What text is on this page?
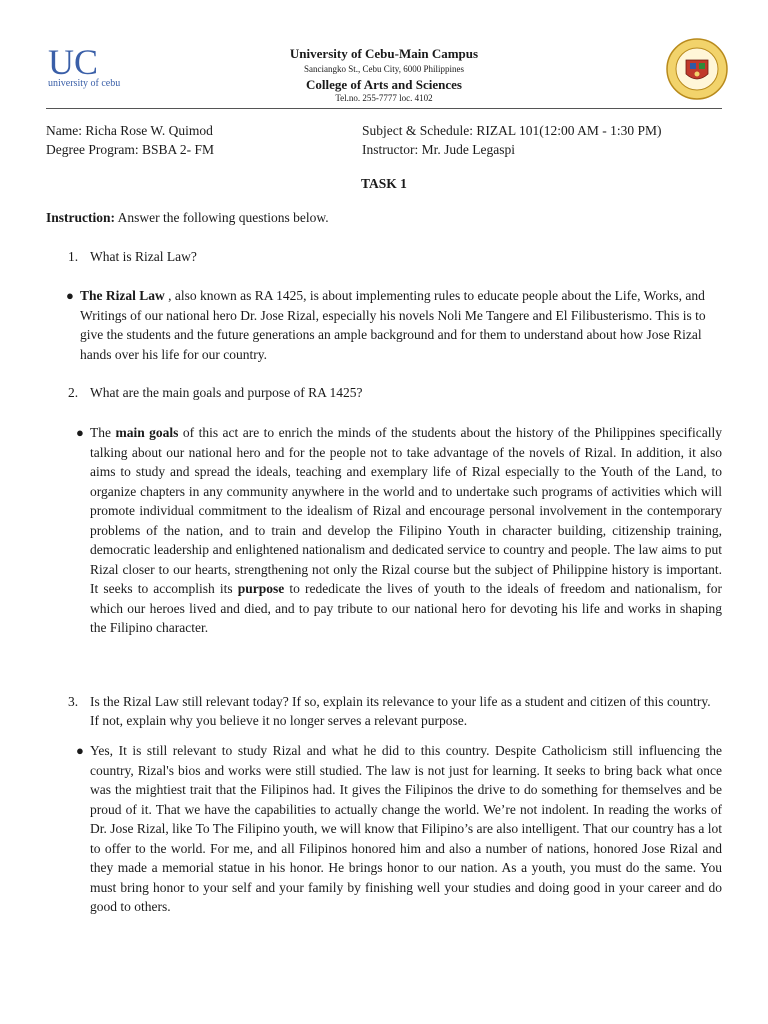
UC
university of cebu
University of Cebu-Main Campus
Sanciangko St., Cebu City, 6000 Philippines
College of Arts and Sciences
Tel.no. 255-7777 loc. 4102
Name: Richa Rose W. Quimod
Degree Program: BSBA 2- FM
Subject & Schedule: RIZAL 101(12:00 AM - 1:30 PM)
Instructor: Mr. Jude Legaspi
TASK 1
Instruction: Answer the following questions below.
1. What is Rizal Law?
● The Rizal Law , also known as RA 1425, is about implementing rules to educate people about the Life, Works, and Writings of our national hero Dr. Jose Rizal, especially his novels Noli Me Tangere and El Filibusterismo. This is to give the students and the future generations an ample background and for them to understand about how Jose Rizal hands over his life for our country.
2. What are the main goals and purpose of RA 1425?
● The main goals of this act are to enrich the minds of the students about the history of the Philippines specifically talking about our national hero and for the people not to take advantage of the novels of Rizal. In addition, it also aims to study and spread the ideals, teaching and exemplary life of Rizal especially to the Youth of the Land, to organize chapters in any community anywhere in the world and to undertake such programs of activities which will promote individual commitment to the idealism of Rizal and encourage personal involvement in the contemporary problems of the nation, and to train and develop the Filipino Youth in character building, citizenship training, democratic leadership and enlightened nationalism and dedicated service to country and people. The law aims to put Rizal closer to our hearts, strengthening not only the Rizal course but the subject of Philippine history is important. It seeks to accomplish its purpose to rededicate the lives of youth to the ideals of freedom and nationalism, for which our heroes lived and died, and to pay tribute to our national hero for devoting his life and works in shaping the Filipino character.
3. Is the Rizal Law still relevant today? If so, explain its relevance to your life as a student and citizen of this country. If not, explain why you believe it no longer serves a relevant purpose.
● Yes, It is still relevant to study Rizal and what he did to this country. Despite Catholicism still influencing the country, Rizal's bios and works were still studied. The law is not just for learning. It seeks to bring back what once was the mightiest trait that the Filipinos had. It gives the Filipinos the drive to do something for themselves and be proud of it. That we have the capabilities to actually change the world. We’re not indolent. In reading the works of Dr. Jose Rizal, like To The Filipino youth, we will know that Filipino’s are also intelligent. That our country has a lot to offer to the world. For me, and all Filipinos honored him and also a number of nations, honored Jose Rizal and they made a memorial statue in his honor. He brings honor to our nation. As a youth, you must do the same. You must bring honor to your self and your family by finishing well your studies and doing good in your career and do good to others.
